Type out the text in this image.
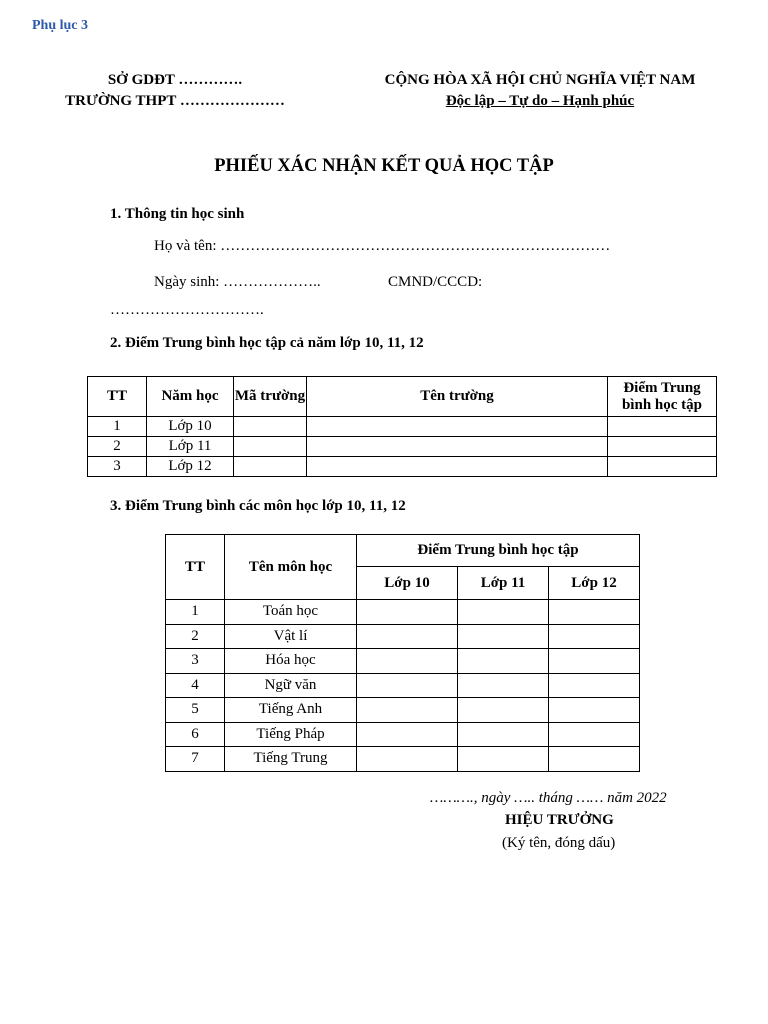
Phụ lục 3
SỞ GDĐT ………….
TRƯỜNG THPT …………………
CỘNG HÒA XÃ HỘI CHỦ NGHĨA VIỆT NAM
Độc lập – Tự do – Hạnh phúc
PHIẾU XÁC NHẬN KẾT QUẢ HỌC TẬP
1. Thông tin học sinh
Họ và tên: ……………………………………………………………………
Ngày sinh: ………………..	CMND/CCCD:
………………………….
2. Điểm Trung bình học tập cả năm lớp 10, 11, 12
TT	Năm học	Mã trường	Tên trường	Điểm Trung bình học tập
1	Lớp 10			
2	Lớp 11			
3	Lớp 12			
3. Điểm Trung bình các môn học lớp 10, 11, 12
TT	Tên môn học	Điểm Trung bình học tập		
		Lớp 10	Lớp 11	Lớp 12
1	Toán học			
2	Vật lí			
3	Hóa học			
4	Ngữ văn			
5	Tiếng Anh			
6	Tiếng Pháp			
7	Tiếng Trung			
………., ngày ….. tháng …… năm 2022
HIỆU TRƯỞNG
(Ký tên, đóng dấu)
